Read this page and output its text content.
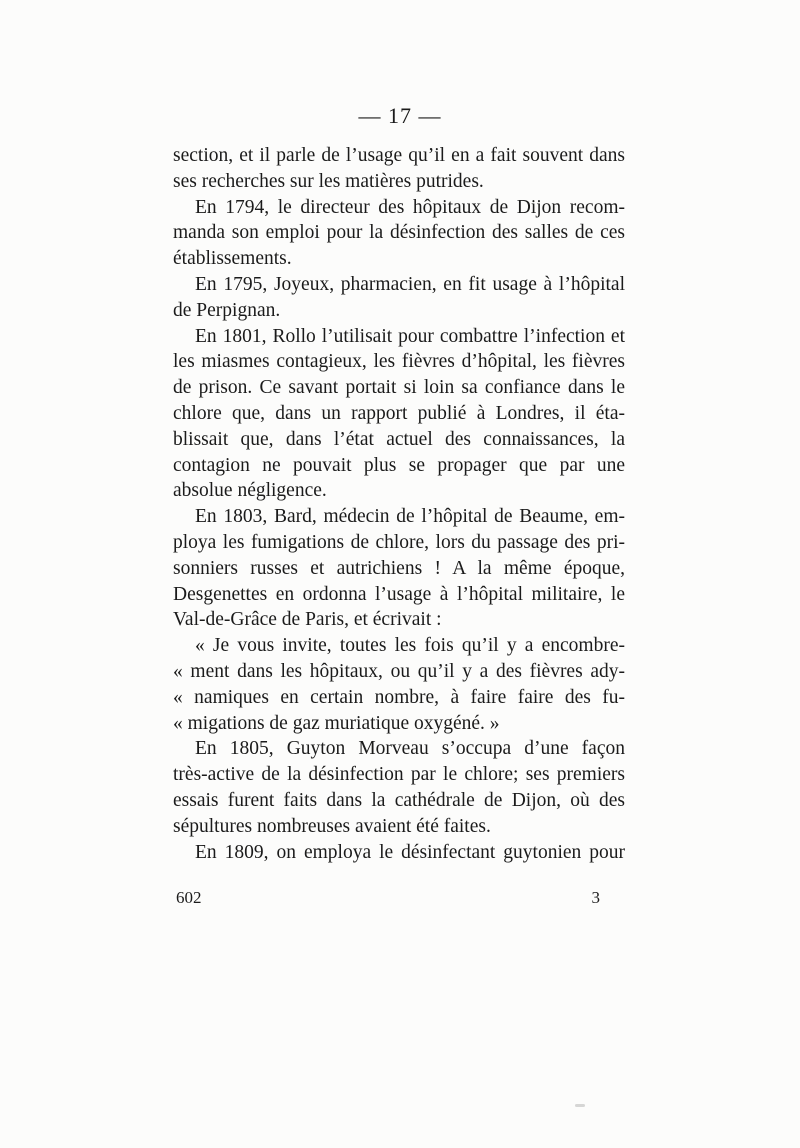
— 17 —
section, et il parle de l’usage qu’il en a fait souvent dans
ses recherches sur les matières putrides.
En 1794, le directeur des hôpitaux de Dijon recom-
manda son emploi pour la désinfection des salles de ces
établissements.
En 1795, Joyeux, pharmacien, en fit usage à l’hôpital
de Perpignan.
En 1801, Rollo l’utilisait pour combattre l’infection et
les miasmes contagieux, les fièvres d’hôpital, les fièvres
de prison. Ce savant portait si loin sa confiance dans le
chlore que, dans un rapport publié à Londres, il éta-
blissait que, dans l’état actuel des connaissances, la
contagion ne pouvait plus se propager que par une
absolue négligence.
En 1803, Bard, médecin de l’hôpital de Beaume, em-
ploya les fumigations de chlore, lors du passage des pri-
sonniers russes et autrichiens ! A la même époque,
Desgenettes en ordonna l’usage à l’hôpital militaire, le
Val-de-Grâce de Paris, et écrivait :
« Je vous invite, toutes les fois qu’il y a encombre-
« ment dans les hôpitaux, ou qu’il y a des fièvres ady-
« namiques en certain nombre, à faire faire des fu-
« migations de gaz muriatique oxygéné. »
En 1805, Guyton Morveau s’occupa d’une façon
très-active de la désinfection par le chlore; ses premiers
essais furent faits dans la cathédrale de Dijon, où des
sépultures nombreuses avaient été faites.
En 1809, on employa le désinfectant guytonien pour
602	3
